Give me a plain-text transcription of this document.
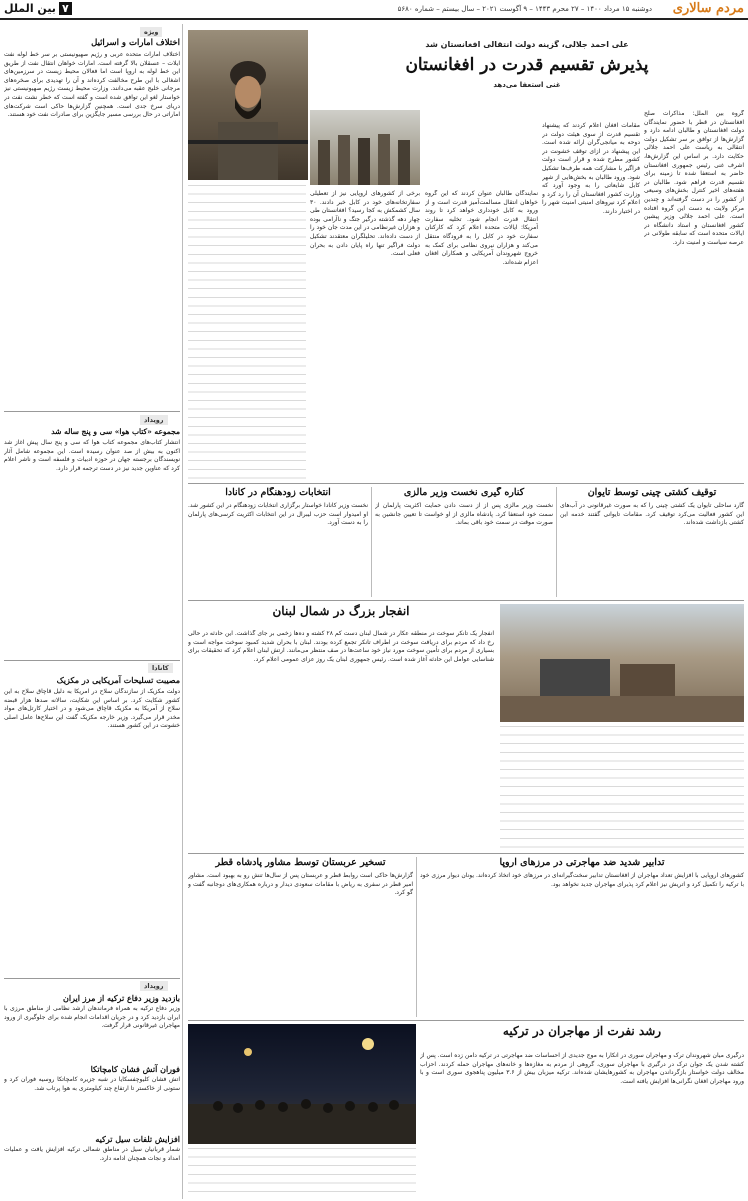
مردم سالاری
دوشنبه ۱۵ مرداد ۱۴۰۰ – ۲۷ محرم ۱۴۴۳ – ۹ آگوست ۲۰۲۱ – سال بیستم – شماره ۵۶۸۰
۷بین الملل
ویژه
اختلاف امارات و اسرائیل
اختلاف امارات متحده عربی و رژیم صهیونیستی بر سر خط لوله نفت ایلات – عسقلان بالا گرفته است. امارات خواهان انتقال نفت از طریق این خط لوله به اروپا است اما فعالان محیط زیست در سرزمین‌های اشغالی با این طرح مخالفت کرده‌اند و آن را تهدیدی برای صخره‌های مرجانی خلیج عقبه می‌دانند. وزارت محیط زیست رژیم صهیونیستی نیز خواستار لغو این توافق شده است و گفته است که خطر نشت نفت در دریای سرخ جدی است. همچنین گزارش‌ها حاکی است شرکت‌های اماراتی در حال بررسی مسیر جایگزین برای صادرات نفت خود هستند.
رویداد
مجموعه «کتاب هوا» سی و پنج ساله شد
انتشار کتاب‌های مجموعه کتاب هوا که سی و پنج سال پیش آغاز شد اکنون به بیش از صد عنوان رسیده است. این مجموعه شامل آثار نویسندگان برجسته جهان در حوزه ادبیات و فلسفه است و ناشر اعلام کرد که عناوین جدید نیز در دست ترجمه قرار دارد.
کانادا
مصیبت تسلیحات آمریکایی در مکزیک
دولت مکزیک از سازندگان سلاح در آمریکا به دلیل قاچاق سلاح به این کشور شکایت کرد. بر اساس این شکایت، سالانه صدها هزار قبضه سلاح از آمریکا به مکزیک قاچاق می‌شود و در اختیار کارتل‌های مواد مخدر قرار می‌گیرد. وزیر خارجه مکزیک گفت این سلاح‌ها عامل اصلی خشونت در این کشور هستند.
رویداد
بازدید وزیر دفاع ترکیه از مرز ایران
وزیر دفاع ترکیه به همراه فرماندهان ارشد نظامی از مناطق مرزی با ایران بازدید کرد و در جریان اقدامات انجام شده برای جلوگیری از ورود مهاجران غیرقانونی قرار گرفت.
فوران آتش فشان کامچاتکا
آتش فشان کلیوچفسکایا در شبه جزیره کامچاتکا روسیه فوران کرد و ستونی از خاکستر تا ارتفاع چند کیلومتری به هوا پرتاب شد.
افزایش تلفات سیل ترکیه
شمار قربانیان سیل در مناطق شمالی ترکیه افزایش یافت و عملیات امداد و نجات همچنان ادامه دارد.
علی احمد جلالی، گزینه دولت انتقالی افغانستان شد
پذیرش تقسیم قدرت در افغانستان
غنی استعفا می‌دهد
گروه بین الملل: مذاکرات صلح افغانستان در قطر با حضور نمایندگان دولت افغانستان و طالبان ادامه دارد و گزارش‌ها از توافق بر سر تشکیل دولت انتقالی به ریاست علی احمد جلالی حکایت دارد. بر اساس این گزارش‌ها، اشرف غنی رئیس جمهوری افغانستان حاضر به استعفا شده تا زمینه برای تقسیم قدرت فراهم شود. طالبان در هفته‌های اخیر کنترل بخش‌های وسیعی از کشور را در دست گرفته‌اند و چندین مرکز ولایت به دست این گروه افتاده است. علی احمد جلالی وزیر پیشین کشور افغانستان و استاد دانشگاه در ایالات متحده است که سابقه طولانی در عرصه سیاست و امنیت دارد.
مقامات افغان اعلام کردند که پیشنهاد تقسیم قدرت از سوی هیئت دولت در دوحه به میانجی‌گران ارائه شده است. این پیشنهاد در ازای توقف خشونت در کشور مطرح شده و قرار است دولت فراگیر با مشارکت همه طرف‌ها تشکیل شود. ورود طالبان به بخش‌هایی از شهر کابل شایعاتی را به وجود آورد که وزارت کشور افغانستان آن را رد کرد و اعلام کرد نیروهای امنیتی امنیت شهر را در اختیار دارند.
نمایندگان طالبان عنوان کردند که این گروه خواهان انتقال مسالمت‌آمیز قدرت است و از ورود به کابل خودداری خواهد کرد تا روند انتقال قدرت انجام شود. تخلیه سفارت آمریکا: ایالات متحده اعلام کرد که کارکنان سفارت خود در کابل را به فرودگاه منتقل می‌کند و هزاران نیروی نظامی برای کمک به خروج شهروندان آمریکایی و همکاران افغان اعزام شده‌اند.
برخی از کشورهای اروپایی نیز از تعطیلی سفارتخانه‌های خود در کابل خبر دادند. ۳۰ سال کشمکش به کجا رسید؟ افغانستان طی چهار دهه گذشته درگیر جنگ و ناآرامی بوده و هزاران غیرنظامی در این مدت جان خود را از دست داده‌اند. تحلیلگران معتقدند تشکیل دولت فراگیر تنها راه پایان دادن به بحران فعلی است.
توقیف کشتی چینی توسط تایوان
گارد ساحلی تایوان یک کشتی چینی را که به صورت غیرقانونی در آب‌های این کشور فعالیت می‌کرد توقیف کرد. مقامات تایوانی گفتند خدمه این کشتی بازداشت شده‌اند.
کناره گیری نخست وزیر مالزی
نخست وزیر مالزی پس از از دست دادن حمایت اکثریت پارلمان از سمت خود استعفا کرد. پادشاه مالزی از او خواست تا تعیین جانشین به صورت موقت در سمت خود باقی بماند.
انتخابات زودهنگام در کانادا
نخست وزیر کانادا خواستار برگزاری انتخابات زودهنگام در این کشور شد. او امیدوار است حزب لیبرال در این انتخابات اکثریت کرسی‌های پارلمان را به دست آورد.
انفجار بزرگ در شمال لبنان
انفجار یک تانکر سوخت در منطقه عکار در شمال لبنان دست کم ۲۸ کشته و ده‌ها زخمی بر جای گذاشت. این حادثه در حالی رخ داد که مردم برای دریافت سوخت در اطراف تانکر تجمع کرده بودند. لبنان با بحران شدید کمبود سوخت مواجه است و بسیاری از مردم برای تأمین سوخت مورد نیاز خود ساعت‌ها در صف منتظر می‌مانند. ارتش لبنان اعلام کرد که تحقیقات برای شناسایی عوامل این حادثه آغاز شده است. رئیس جمهوری لبنان یک روز عزای عمومی اعلام کرد.
تدابیر شدید ضد مهاجرتی در مرزهای اروپا
کشورهای اروپایی با افزایش تعداد مهاجران از افغانستان تدابیر سخت‌گیرانه‌ای در مرزهای خود اتخاذ کرده‌اند. یونان دیوار مرزی خود با ترکیه را تکمیل کرد و اتریش نیز اعلام کرد پذیرای مهاجران جدید نخواهد بود.
تسخیر عربستان توسط مشاور پادشاه قطر
گزارش‌ها حاکی است روابط قطر و عربستان پس از سال‌ها تنش رو به بهبود است. مشاور امیر قطر در سفری به ریاض با مقامات سعودی دیدار و درباره همکاری‌های دوجانبه گفت و گو کرد.
رشد نفرت از مهاجران در ترکیه
درگیری میان شهروندان ترک و مهاجران سوری در آنکارا به موج جدیدی از احساسات ضد مهاجرتی در ترکیه دامن زده است. پس از کشته شدن یک جوان ترک در درگیری با مهاجران سوری، گروهی از مردم به مغازه‌ها و خانه‌های مهاجران حمله کردند. احزاب مخالف دولت خواستار بازگرداندن مهاجران به کشورهایشان شده‌اند. ترکیه میزبان بیش از ۳.۶ میلیون پناهجوی سوری است و با ورود مهاجران افغان نگرانی‌ها افزایش یافته است.
